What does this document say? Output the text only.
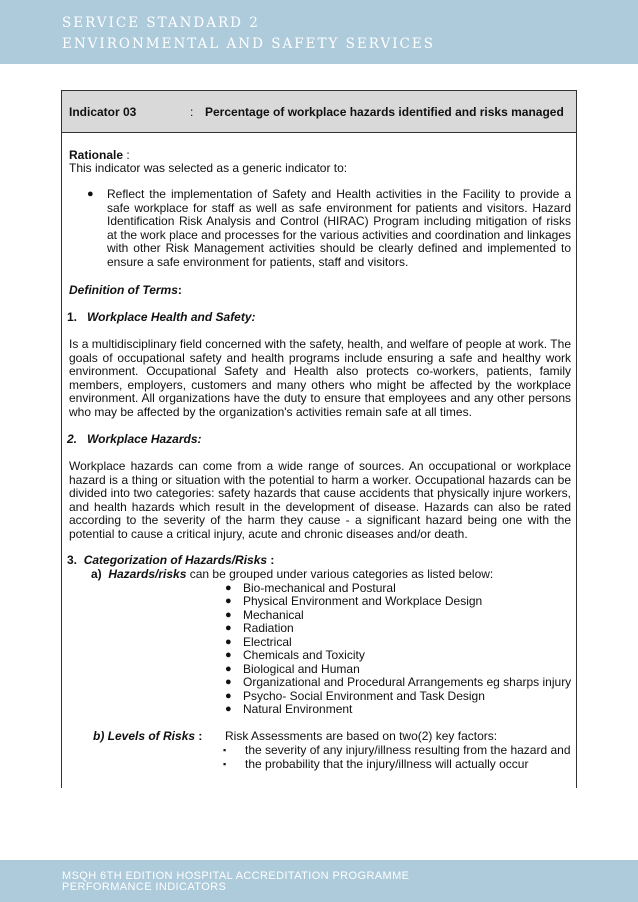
SERVICE STANDARD 2
ENVIRONMENTAL AND SAFETY SERVICES
Indicator 03	: Percentage of workplace hazards identified and risks managed
Rationale :
This indicator was selected as a generic indicator to:
● Reflect the implementation of Safety and Health activities in the Facility to provide a safe workplace for staff as well as safe environment for patients and visitors. Hazard Identification Risk Analysis and Control (HIRAC) Program including mitigation of risks at the work place and processes for the various activities and coordination and linkages with other Risk Management activities should be clearly defined and implemented to ensure a safe environment for patients, staff and visitors.
Definition of Terms:
1. Workplace Health and Safety:
Is a multidisciplinary field concerned with the safety, health, and welfare of people at work. The goals of occupational safety and health programs include ensuring a safe and healthy work environment. Occupational Safety and Health also protects co-workers, patients, family members, employers, customers and many others who might be affected by the workplace environment. All organizations have the duty to ensure that employees and any other persons who may be affected by the organization's activities remain safe at all times.
2. Workplace Hazards:
Workplace hazards can come from a wide range of sources. An occupational or workplace hazard is a thing or situation with the potential to harm a worker. Occupational hazards can be divided into two categories: safety hazards that cause accidents that physically injure workers, and health hazards which result in the development of disease. Hazards can also be rated according to the severity of the harm they cause - a significant hazard being one with the potential to cause a critical injury, acute and chronic diseases and/or death.
3. Categorization of Hazards/Risks :
a) Hazards/risks can be grouped under various categories as listed below:
● Bio-mechanical and Postural
● Physical Environment and Workplace Design
● Mechanical
● Radiation
● Electrical
● Chemicals and Toxicity
● Biological and Human
● Organizational and Procedural Arrangements eg sharps injury
● Psycho- Social Environment and Task Design
● Natural Environment
b) Levels of Risks : Risk Assessments are based on two(2) key factors:
▪ the severity of any injury/illness resulting from the hazard and
▪ the probability that the injury/illness will actually occur
MSQH 6TH EDITION HOSPITAL ACCREDITATION PROGRAMME
PERFORMANCE INDICATORS
